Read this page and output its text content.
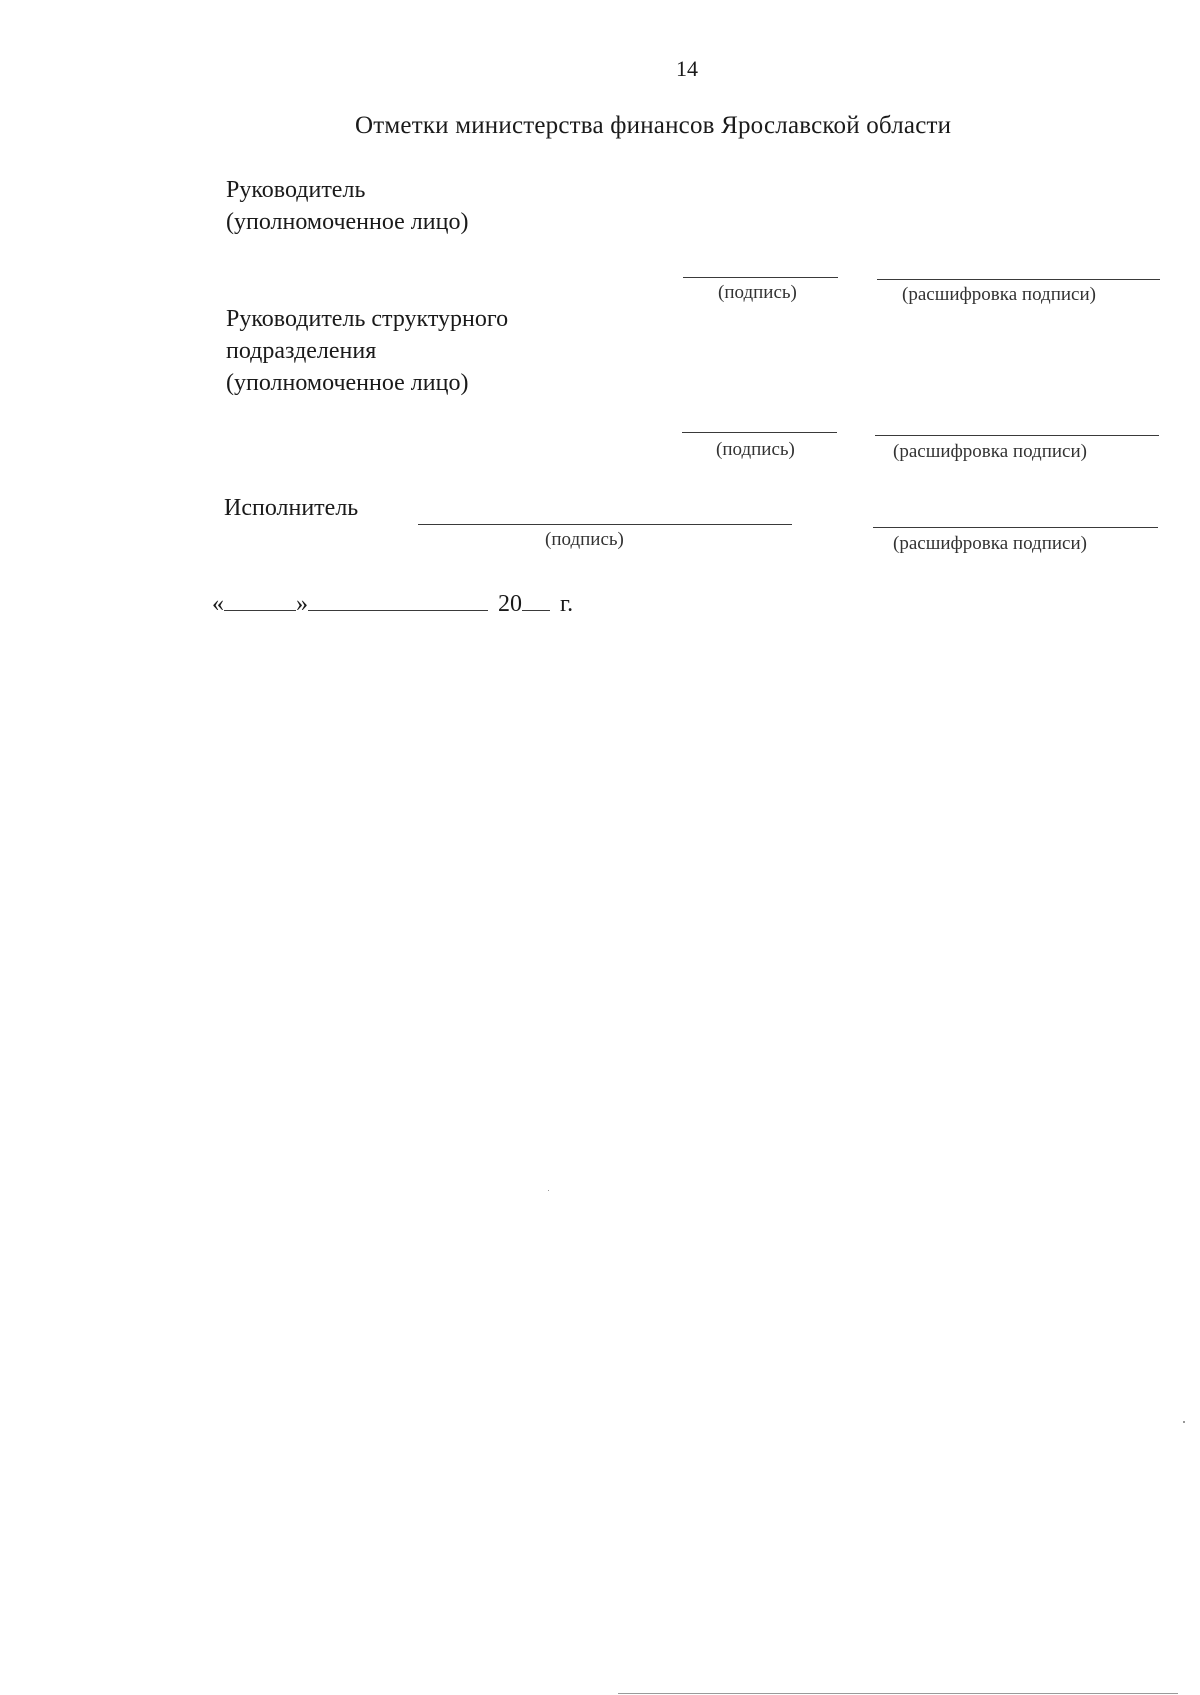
14
Отметки министерства финансов Ярославской области
Руководитель
(уполномоченное лицо)
(подпись)	(расшифровка подписи)
Руководитель структурного
подразделения
(уполномоченное лицо)
(подпись)	(расшифровка подписи)
Исполнитель
(подпись)	(расшифровка подписи)
«	»	20 г.
